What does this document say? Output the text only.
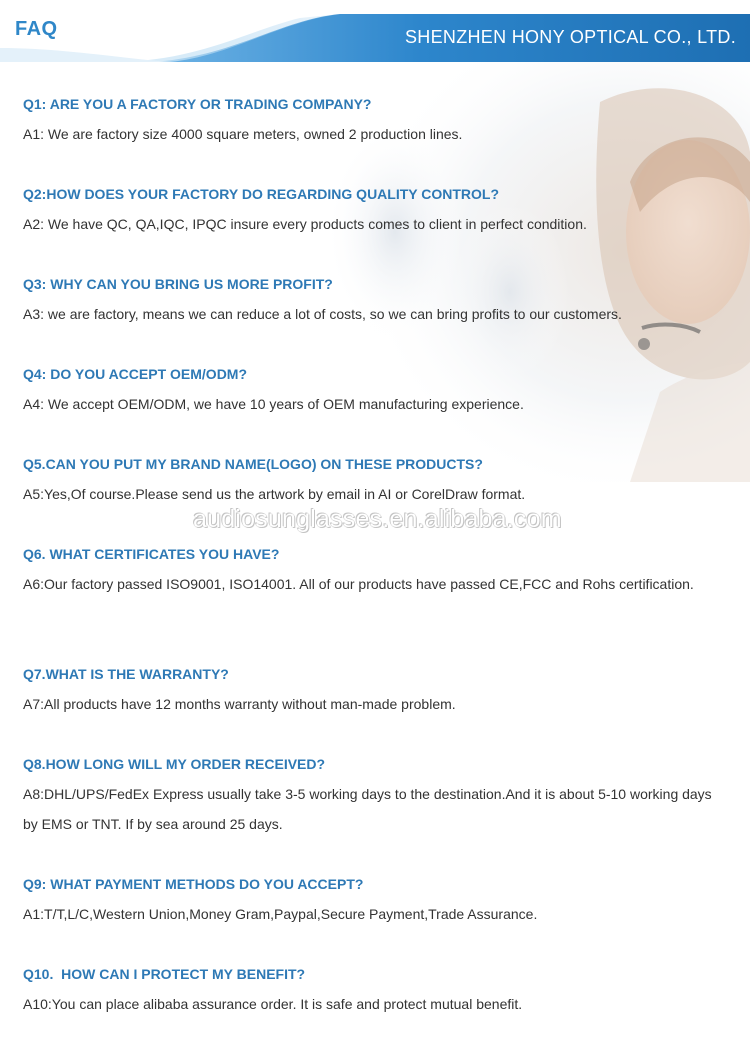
FAQ	SHENZHEN HONY OPTICAL CO., LTD.
audiosunglasses.en.alibaba.com
Q1: ARE YOU A FACTORY OR TRADING COMPANY?
A1: We are factory size 4000 square meters, owned 2 production lines.
Q2:HOW DOES YOUR FACTORY DO REGARDING QUALITY CONTROL?
A2: We have QC, QA,IQC, IPQC insure every products comes to client in perfect condition.
Q3: WHY CAN YOU BRING US MORE PROFIT?
A3: we are factory, means we can reduce a lot of costs, so we can bring profits to our customers.
Q4: DO YOU ACCEPT OEM/ODM?
A4: We accept OEM/ODM, we have 10 years of OEM manufacturing experience.
Q5.CAN YOU PUT MY BRAND NAME(LOGO) ON THESE PRODUCTS?
A5:Yes,Of course.Please send us the artwork by email in AI or CorelDraw format.
Q6. WHAT CERTIFICATES YOU HAVE?
A6:Our factory passed ISO9001, ISO14001. All of our products have passed CE,FCC and Rohs certification.
Q7.WHAT IS THE WARRANTY?
A7:All products have 12 months warranty without man-made problem.
Q8.HOW LONG WILL MY ORDER RECEIVED?
A8:DHL/UPS/FedEx Express usually take 3-5 working days to the destination.And it is about 5-10 working days by EMS or TNT. If by sea around 25 days.
Q9: WHAT PAYMENT METHODS DO YOU ACCEPT?
A1:T/T,L/C,Western Union,Money Gram,Paypal,Secure Payment,Trade Assurance.
Q10.  HOW CAN I PROTECT MY BENEFIT?
A10:You can place alibaba assurance order. It is safe and protect mutual benefit.
